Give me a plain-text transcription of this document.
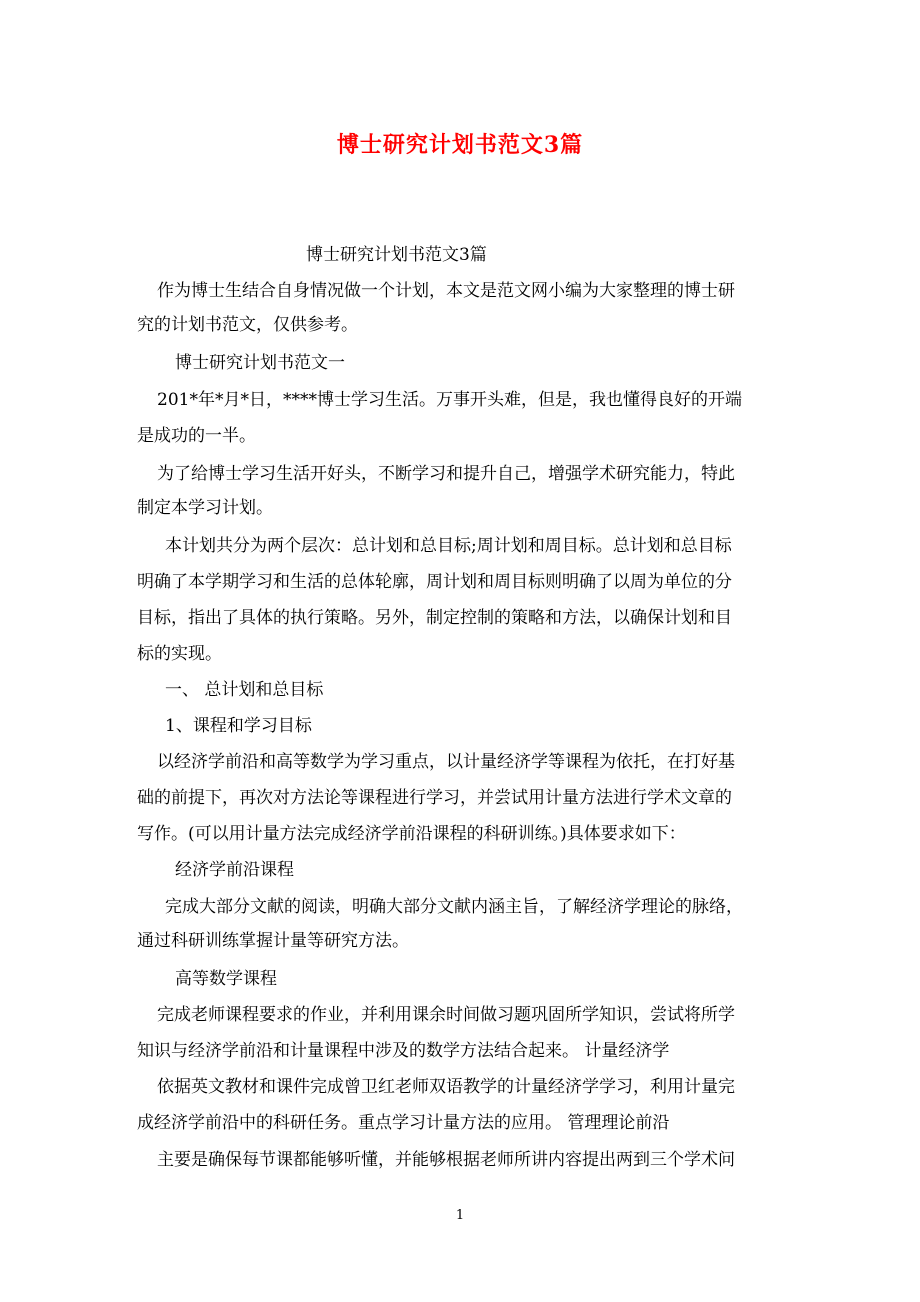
博士研究计划书范文3篇
博士研究计划书范文3篇
作为博士生结合自身情况做一个计划，本文是范文网小编为大家整理的博士研
究的计划书范文，仅供参考。
博士研究计划书范文一
201*年*月*日，****博士学习生活。万事开头难，但是，我也懂得良好的开端
是成功的一半。
为了给博士学习生活开好头，不断学习和提升自己，增强学术研究能力，特此
制定本学习计划。
本计划共分为两个层次：总计划和总目标;周计划和周目标。总计划和总目标
明确了本学期学习和生活的总体轮廓，周计划和周目标则明确了以周为单位的分
目标，指出了具体的执行策略。另外，制定控制的策略和方法，以确保计划和目
标的实现。
一、 总计划和总目标
1、课程和学习目标
以经济学前沿和高等数学为学习重点，以计量经济学等课程为依托，在打好基
础的前提下，再次对方法论等课程进行学习，并尝试用计量方法进行学术文章的
写作。(可以用计量方法完成经济学前沿课程的科研训练。)具体要求如下：
经济学前沿课程
完成大部分文献的阅读，明确大部分文献内涵主旨，了解经济学理论的脉络，
通过科研训练掌握计量等研究方法。
高等数学课程
完成老师课程要求的作业，并利用课余时间做习题巩固所学知识，尝试将所学
知识与经济学前沿和计量课程中涉及的数学方法结合起来。 计量经济学
依据英文教材和课件完成曾卫红老师双语教学的计量经济学学习，利用计量完
成经济学前沿中的科研任务。重点学习计量方法的应用。 管理理论前沿
主要是确保每节课都能够听懂，并能够根据老师所讲内容提出两到三个学术问
1
